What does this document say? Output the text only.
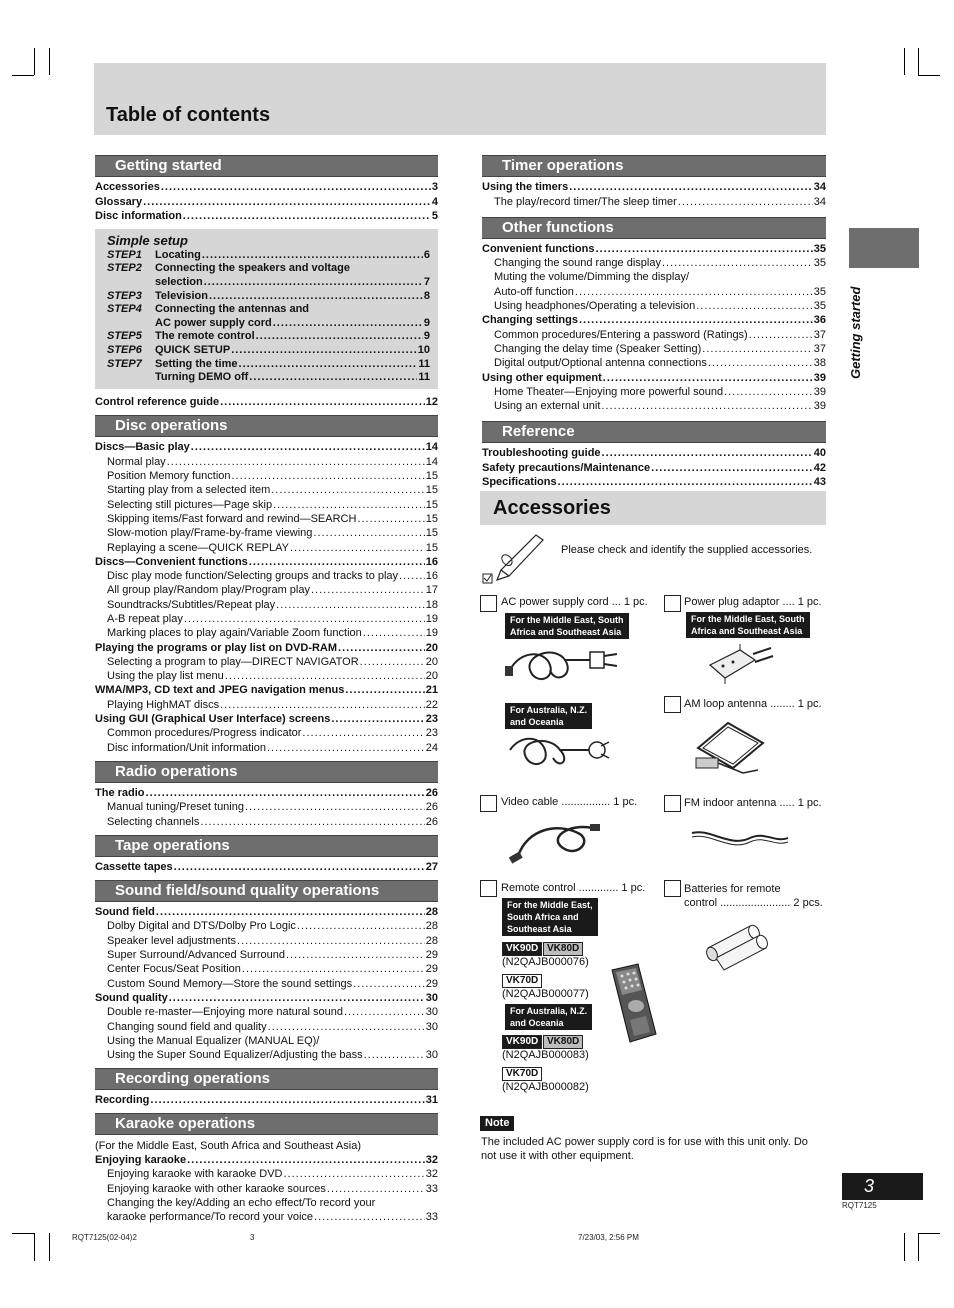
Table of contents
Getting started
Accessories .....	3
Glossary .....	4
Disc information .....	5
Simple setup
STEP1	Locating .....	6
STEP2	Connecting the speakers and voltage
selection .....	7
STEP3	Television .....	8
STEP4	Connecting the antennas and
AC power supply cord .....	9
STEP5	The remote control .....	9
STEP6	QUICK SETUP .....	10
STEP7	Setting the time .....	11
Turning DEMO off .....	11
Control reference guide .....	12
Disc operations
Discs—Basic play .....	14
Normal play .....	14
Position Memory function .....	15
Starting play from a selected item .....	15
Selecting still pictures—Page skip .....	15
Skipping items/Fast forward and rewind—SEARCH .....	15
Slow-motion play/Frame-by-frame viewing .....	15
Replaying a scene—QUICK REPLAY .....	15
Discs—Convenient functions .....	16
Disc play mode function/Selecting groups and tracks to play .....	16
All group play/Random play/Program play .....	17
Soundtracks/Subtitles/Repeat play .....	18
A-B repeat play .....	19
Marking places to play again/Variable Zoom function .....	19
Playing the programs or play list on DVD-RAM .....	20
Selecting a program to play—DIRECT NAVIGATOR .....	20
Using the play list menu .....	20
WMA/MP3, CD text and JPEG navigation menus .....	21
Playing HighMAT discs .....	22
Using GUI (Graphical User Interface) screens .....	23
Common procedures/Progress indicator .....	23
Disc information/Unit information .....	24
Radio operations
The radio .....	26
Manual tuning/Preset tuning .....	26
Selecting channels .....	26
Tape operations
Cassette tapes .....	27
Sound field/sound quality operations
Sound field .....	28
Dolby Digital and DTS/Dolby Pro Logic .....	28
Speaker level adjustments .....	28
Super Surround/Advanced Surround .....	29
Center Focus/Seat Position .....	29
Custom Sound Memory—Store the sound settings .....	29
Sound quality .....	30
Double re-master—Enjoying more natural sound .....	30
Changing sound field and quality .....	30
Using the Manual Equalizer (MANUAL EQ)/
Using the Super Sound Equalizer/Adjusting the bass .....	30
Recording operations
Recording .....	31
Karaoke operations
(For the Middle East, South Africa and Southeast Asia)
Enjoying karaoke .....	32
Enjoying karaoke with karaoke DVD .....	32
Enjoying karaoke with other karaoke sources .....	33
Changing the key/Adding an echo effect/To record your
karaoke performance/To record your voice .....	33
Timer operations
Using the timers .....	34
The play/record timer/The sleep timer .....	34
Other functions
Convenient functions .....	35
Changing the sound range display .....	35
Muting the volume/Dimming the display/
Auto-off function .....	35
Using headphones/Operating a television .....	35
Changing settings .....	36
Common procedures/Entering a password (Ratings) .....	37
Changing the delay time (Speaker Setting) .....	37
Digital output/Optional antenna connections .....	38
Using other equipment .....	39
Home Theater—Enjoying more powerful sound .....	39
Using an external unit .....	39
Reference
Troubleshooting guide .....	40
Safety precautions/Maintenance .....	42
Specifications .....	43
Accessories
Please check and identify the supplied accessories.
AC power supply cord ... 1 pc.	Power plug adaptor .... 1 pc.
For the Middle East, South
Africa and Southeast Asia
For the Middle East, South
Africa and Southeast Asia
For Australia, N.Z.
and Oceania
AM loop antenna ........ 1 pc.
Video cable ................ 1 pc.	FM indoor antenna ..... 1 pc.
Remote control ............. 1 pc.	Batteries for remote
control ....................... 2 pcs.
For the Middle East,
South Africa and
Southeast Asia
VK90D VK80D
(N2QAJB000076)
VK70D
(N2QAJB000077)
For Australia, N.Z.
and Oceania
VK90D VK80D
(N2QAJB000083)
VK70D
(N2QAJB000082)
Note
The included AC power supply cord is for use with this unit only. Do not use it with other equipment.
Getting started
3
RQT7125
RQT7125(02-04)2	3	7/23/03, 2:56 PM
